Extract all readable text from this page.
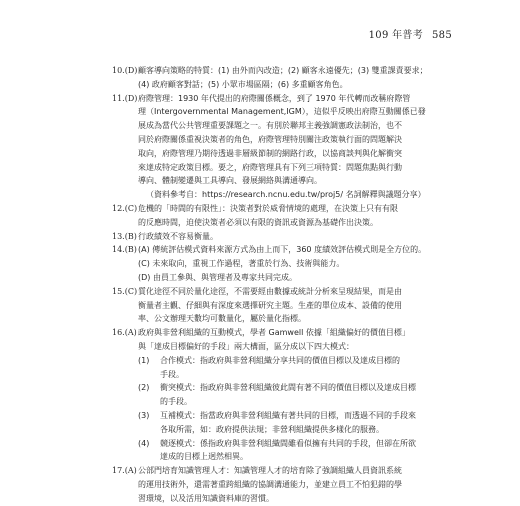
109 年普考 585
10.(D) 顧客導向策略的特質：(1) 由外而內改造；(2) 顧客永遠優先；(3) 雙重課責要求；
(4) 政府顧客對話；(5) 小眾市場區隔；(6) 多重顧客角色。
11.(D) 府際管理：1930 年代提出的府際關係概念，到了 1970 年代轉而改稱府際管
理（Intergovernmental Management,IGM），這似乎反映出府際互動關係已發
展成為當代公共管理重要課題之一。有別於聯邦主義強調憲政法制治，也不
同於府際關係重視決策者的角色，府際管理特別關注政策執行面的問題解決
取向，府際管理乃期待透過非層級節制的網路行政，以協商談判與化解衝突
來達成特定政策目標。要之，府際管理具有下列三項特質：問題焦點與行動
導向、體制變遷與工具導向、發展網絡與溝通導向。
（資料參考自：https://research.ncnu.edu.tw/proj5/ 名詞解釋與議題分享）
12.(C) 危機的「時間的有限性」：決策者對於威脅情境的處理，在決策上只有有限
的反應時間，迫使決策者必須以有限的資訊或資源為基礎作出決策。
13.(B) 行政績效不容易衡量。
14.(B) (A) 傳統評估模式資料來源方式為由上而下，360 度績效評估模式則是全方位的。
(C) 未來取向，重視工作過程，著重於行為、技術與能力。
(D) 由員工參與、與管理者及專家共同完成。
15.(C) 質化途徑不同於量化途徑，不需要經由數據或統計分析來呈現結果，而是由
衡量者主觀、仔細與有深度來選擇研究主題。生產的單位成本、設備的使用
率、公文辦理天數均可數量化，屬於量化指標。
16.(A) 政府與非營利組織的互動模式，學者 Gamwell 依據「組織偏好的價值目標」
與「達成目標偏好的手段」兩大構面，區分成以下四大模式：
(1)	合作模式：指政府與非營利組織分享共同的價值目標以及達成目標的
手段。
(2)	衝突模式：指政府與非營利組織彼此間有著不同的價值目標以及達成目標
的手段。
(3)	互補模式：指當政府與非營利組織有著共同的目標，而透過不同的手段來
各取所需，如：政府提供法規；非營利組織提供多樣化的服務。
(4)	競逐模式：係指政府與非營利組織間雖看似擁有共同的手段，但卻在所欲
達成的目標上迥然相異。
17.(A) 公部門培育知識管理人才：知識管理人才的培育除了強調組織人員資訊系統
的運用技術外，還需著重跨組織的協調溝通能力，並建立員工不怕犯錯的學
習環境，以及活用知識資料庫的習慣。
